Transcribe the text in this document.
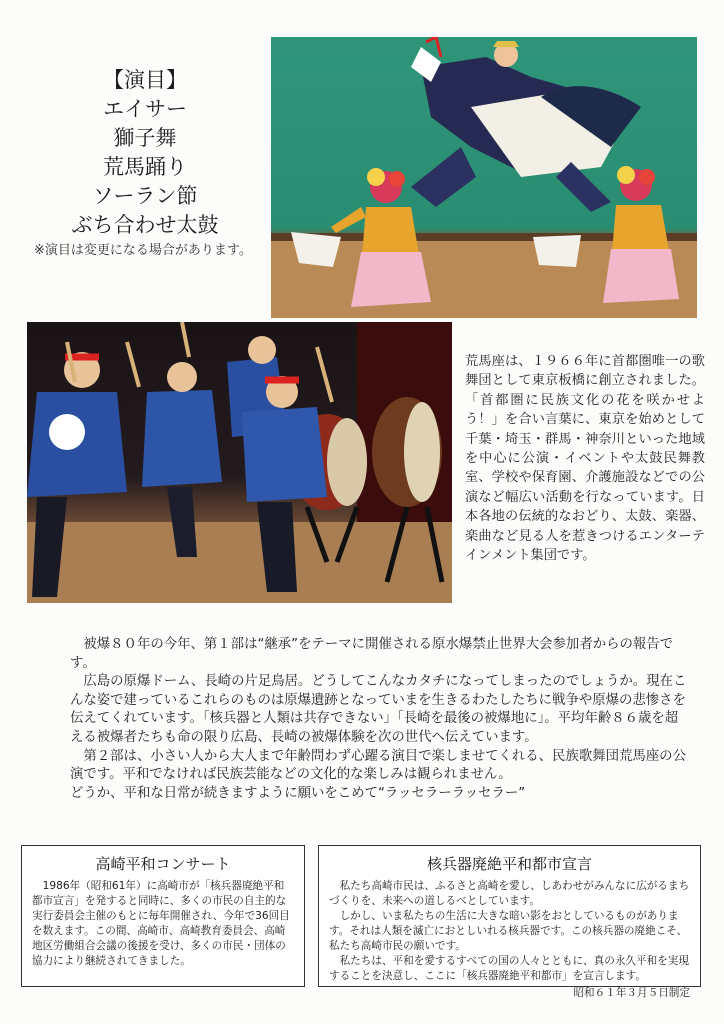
【演目】
エイサー
獅子舞
荒馬踊り
ソーラン節
ぶち合わせ太鼓
※演目は変更になる場合があります。
荒馬座は、１９６６年に首都圏唯一の歌舞団として東京板橋に創立されました。「首都圏に民族文化の花を咲かせよう！」を合い言葉に、東京を始めとして千葉・埼玉・群馬・神奈川といった地域を中心に公演・イベントや太鼓民舞教室、学校や保育園、介護施設などでの公演など幅広い活動を行なっています。日本各地の伝統的なおどり、太鼓、楽器、楽曲など見る人を惹きつけるエンターテインメント集団です。

被爆８０年の今年、第１部は“継承”をテーマに開催される原水爆禁止世界大会参加者からの報告です。

広島の原爆ドーム、長崎の片足鳥居。どうしてこんなカタチになってしまったのでしょうか。現在こんな姿で建っているこれらのものは原爆遺跡となっていまを生きるわたしたちに戦争や原爆の悲惨さを伝えてくれています。「核兵器と人類は共存できない」「長崎を最後の被爆地に」。平均年齢８６歳を超える被爆者たちも命の限り広島、長崎の被爆体験を次の世代へ伝えています。

第２部は、小さい人から大人まで年齢問わず心躍る演目で楽しませてくれる、民族歌舞団荒馬座の公演です。平和でなければ民族芸能などの文化的な楽しみは観られません。

どうか、平和な日常が続きますように願いをこめて“ラッセラーラッセラー”

高崎平和コンサート

1986年（昭和61年）に高崎市が「核兵器廃絶平和都市宣言」を発すると同時に、多くの市民の自主的な実行委員会主催のもとに毎年開催され、今年で36回目を数えます。この間、高崎市、高崎教育委員会、高崎地区労働組合会議の後援を受け、多くの市民・団体の協力により継続されてきました。

核兵器廃絶平和都市宣言

私たち高崎市民は、ふるさと高崎を愛し、しあわせがみんなに広がるまちづくりを、未来への道しるべとしています。

しかし、いま私たちの生活に大きな暗い影をおとしているものがあります。それは人類を滅亡におとしいれる核兵器です。この核兵器の廃絶こそ、私たち高崎市民の願いです。

私たちは、平和を愛するすべての国の人々とともに、真の永久平和を実現することを決意し、ここに「核兵器廃絶平和都市」を宣言します。

昭和６１年３月５日制定
